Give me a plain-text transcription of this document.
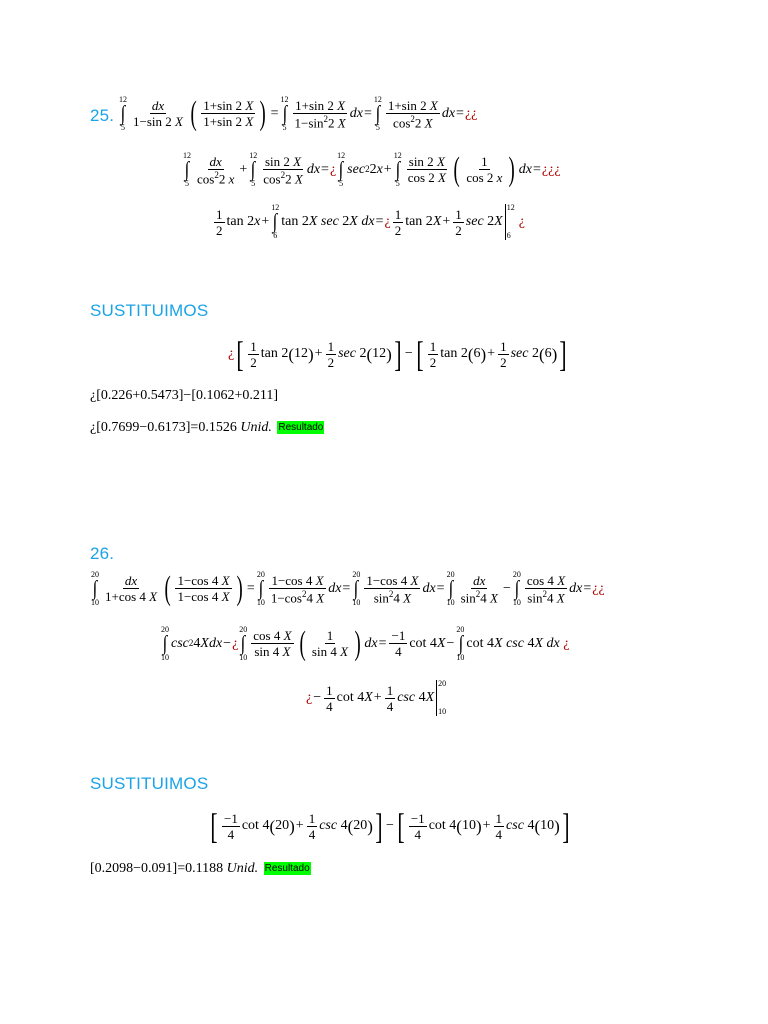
25.
12
∫
$5 \frac{dx}{1-\sin 2 X}$ ( $\frac{1+\sin 2 X}{1+\sin 2 X}$ ) =
12
∫
$5 \frac{1+\sin 2 X}{1-\sin^22 X}$ dx =
12
∫
$5 \frac{1+\sin 2 X}{\cos^22 X}$ dx = ¿¿
12
∫
$5 \frac{dx}{\cos^22 x}$ +
12
∫
$5 \frac{\sin 2 X}{\cos^22 X}$ dx = ¿
12
∫
5
sec 2 2 x +
12
∫
$5 \frac{\sin 2 X}{\cos 2 X}$ ( $\frac{1}{\cos 2 x}$ ) dx = ¿¿¿
$\frac{1}{2}$ tan 2 x +
12
∫
6
tan 2 X
sec 2 X
dx = ¿ $\frac{1}{2}$ tan 2 $X + \frac{1}{2}$ sec 2 X
12
6
¿
SUSTITUIMOS
¿ [ $\frac{1}{2}$ tan 2 ( 12 ) + $\frac{1}{2}$ sec 2 ( 12 ) ] − [ $\frac{1}{2}$ tan 2 ( 6 ) + $\frac{1}{2}$ sec 2 ( 6 ) ]
¿[0.226+0.5473]−[0.1062+0.211]
¿[0.7699−0.6173]=0.1526 Unid. Resultado
26.
20
∫
$10 \frac{dx}{1+\cos 4 X}$ ( $\frac{1-\cos 4 X}{1-\cos 4 X}$ ) =
20
∫
$10 \frac{1-\cos 4 X}{1-\cos^24 X}$ dx =
20
∫
$10 \frac{1-\cos 4 X}{\sin^24 X}$ dx =
20
∫
$10 \frac{dx}{\sin^24 X}$ −
20
∫
$10 \frac{\cos 4 X}{\sin^24 X}$ dx = ¿¿
20
∫
10
csc 2 4 Xdx − ¿
20
∫
$10 \frac{\cos 4 X}{\sin 4 X}$ ( $\frac{1}{\sin 4 X}$ ) dx = $\frac{-1}{4}$ cot 4 X −
20
∫
10
cot 4 X
csc 4 X
dx
¿
¿ − $\frac{1}{4}$ cot 4 $X + \frac{1}{4}$ csc 4 X
20
10
SUSTITUIMOS
[ $\frac{-1}{4}$ cot 4 ( 20 ) + $\frac{1}{4}$ csc 4 ( 20 ) ] − [ $\frac{-1}{4}$ cot 4 ( 10 ) + $\frac{1}{4}$ csc 4 ( 10 ) ]
[0.2098−0.091]=0.1188 Unid. Resultado
